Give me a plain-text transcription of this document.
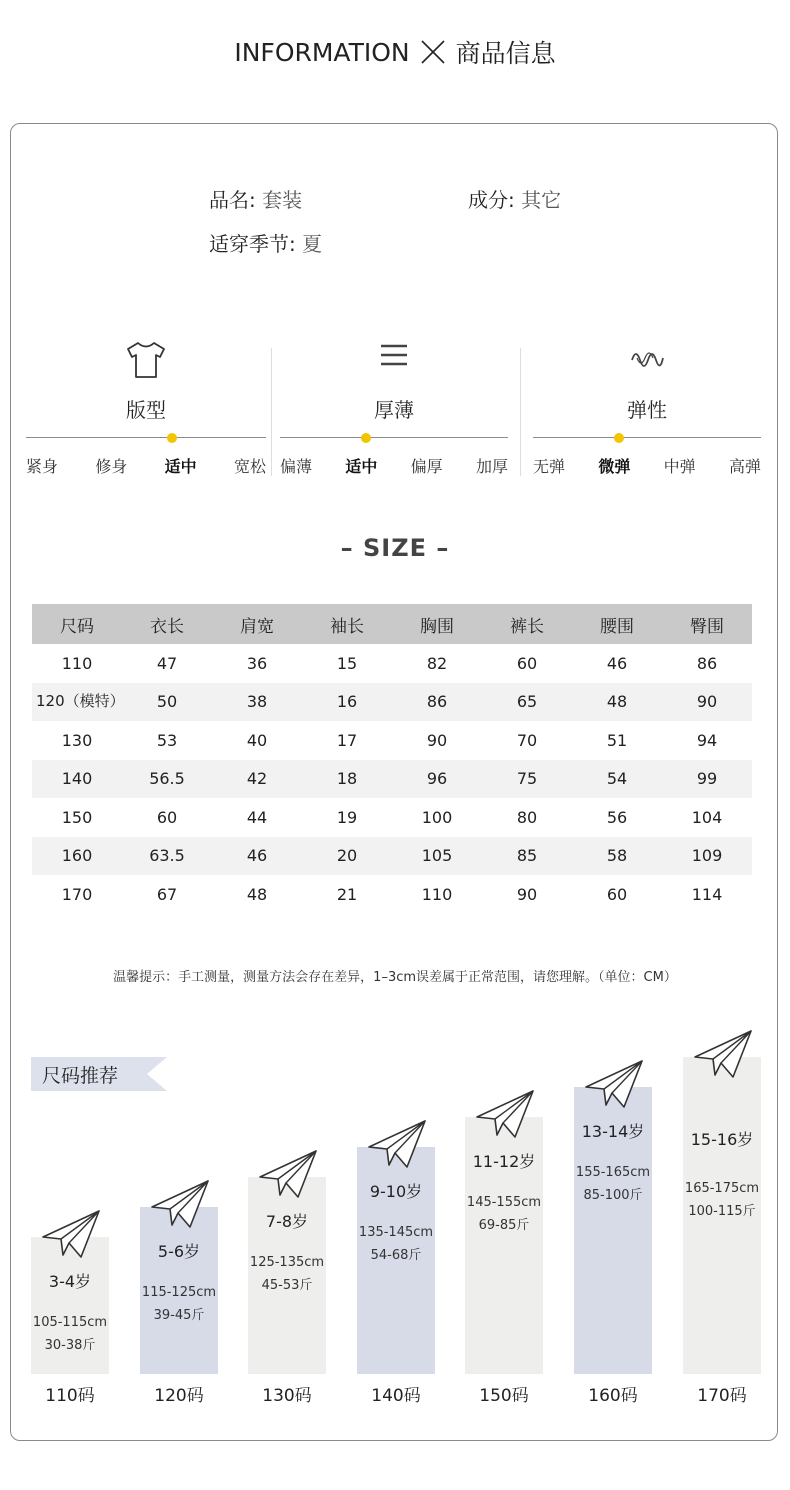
INFORMATION 商品信息
品名: 套装	成分: 其它
适穿季节: 夏
版型
紧身 修身 适中 宽松
厚薄
偏薄 适中 偏厚 加厚
弹性
无弹 微弹 中弹 高弹
– SIZE –
尺码	衣长	肩宽	袖长	胸围	裤长	腰围	臀围
110	47	36	15	82	60	46	86
120（模特）	50	38	16	86	65	48	90
130	53	40	17	90	70	51	94
140	56.5	42	18	96	75	54	99
150	60	44	19	100	80	56	104
160	63.5	46	20	105	85	58	109
170	67	48	21	110	90	60	114
温馨提示：手工测量，测量方法会存在差异，1–3cm误差属于正常范围，请您理解。（单位：CM）
尺码推荐
3-4岁
105-115cm
30-38斤
110码
5-6岁
115-125cm
39-45斤
120码
7-8岁
125-135cm
45-53斤
130码
9-10岁
135-145cm
54-68斤
140码
11-12岁
145-155cm
69-85斤
150码
13-14岁
155-165cm
85-100斤
160码
15-16岁
165-175cm
100-115斤
170码
